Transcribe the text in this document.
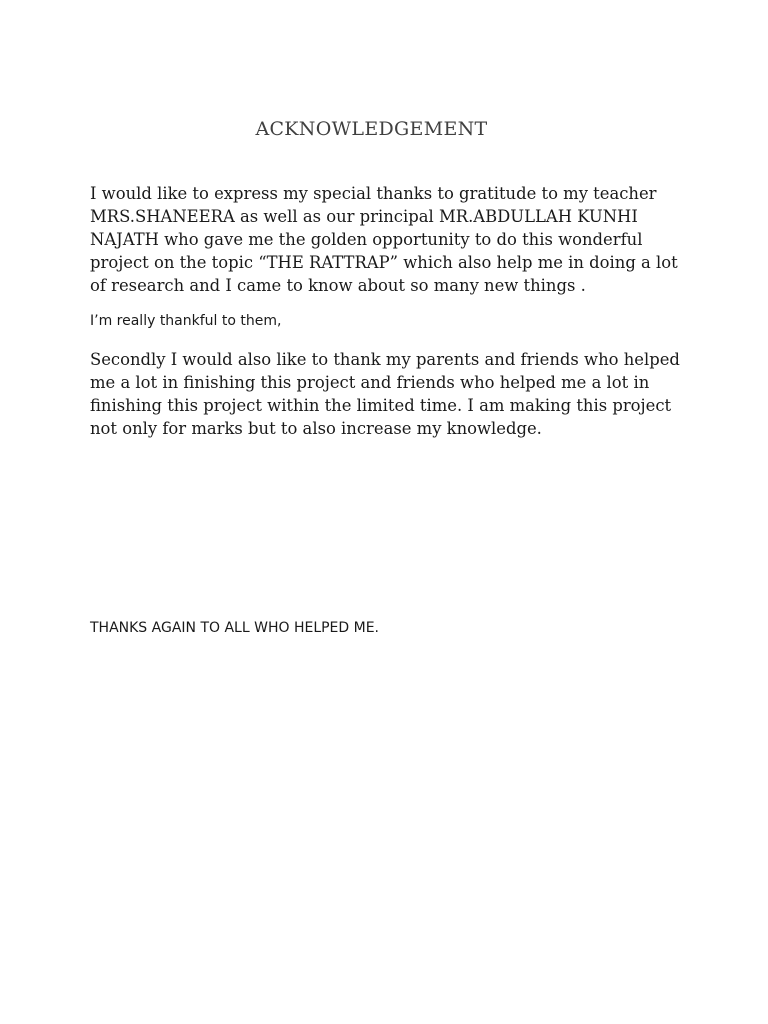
ACKNOWLEDGEMENT

I would like to express my special thanks to gratitude to my teacher MRS.SHANEERA as well as our principal MR.ABDULLAH KUNHI NAJATH who gave me the golden opportunity to do this wonderful project on the topic “THE RATTRAP” which also help me in doing a lot of research and I came to know about so many new things .

I’m really thankful to them,

Secondly I would also like to thank my parents and friends who helped me a lot in finishing this project and friends who helped me a lot in finishing this project within the limited time. I am making this project not only for marks but to also increase my knowledge.

THANKS AGAIN TO ALL WHO HELPED ME.
